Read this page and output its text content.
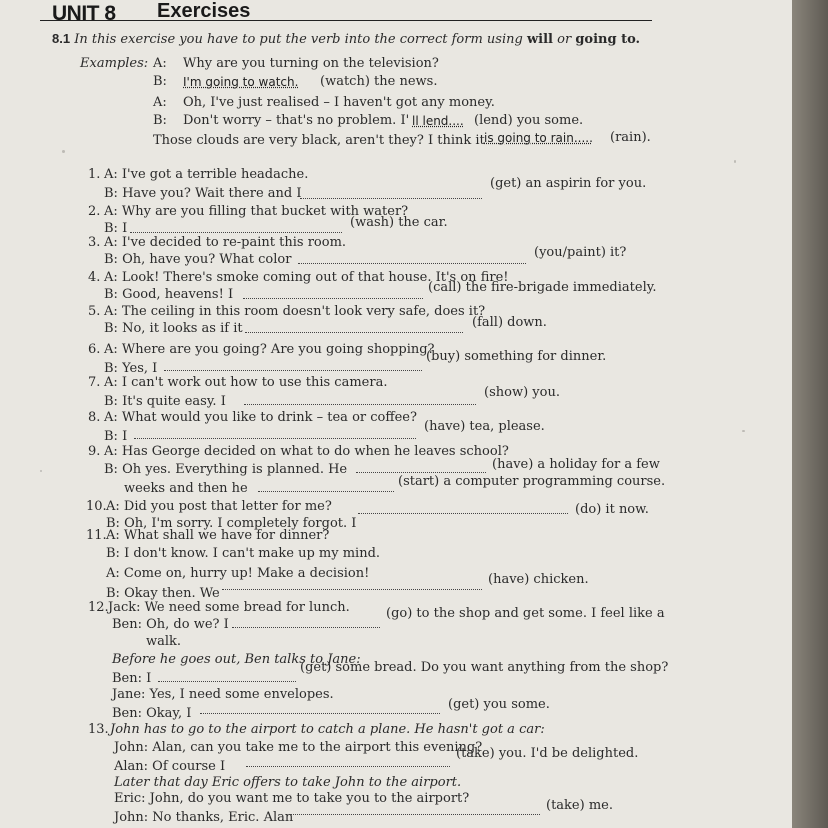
UNIT 8 Exercises
8.1 In this exercise you have to put the verb into the correct form using will or going to.
Examples: A: Why are you turning on the television?
B: I'm going to watch. (watch) the news.
A: Oh, I've just realised – I haven't got any money.
B: Don't worry – that's no problem. I' ll lend.... (lend) you some.
Those clouds are very black, aren't they? I think it is going to rain..... (rain).
1. A: I've got a terrible headache.
B: Have you? Wait there and I
(get) an aspirin for you.
2. A: Why are you filling that bucket with water?
B: I	(wash) the car.
3. A: I've decided to re-paint this room.
B: Oh, have you? What color	(you/paint) it?
4. A: Look! There's smoke coming out of that house. It's on fire!
B: Good, heavens! I	(call) the fire-brigade immediately.
5. A: The ceiling in this room doesn't look very safe, does it?
B: No, it looks as if it	(fall) down.
6. A: Where are you going? Are you going shopping?
B: Yes, I
(buy) something for dinner.
7. A: I can't work out how to use this camera.
B: It's quite easy. I
(show) you.
8. A: What would you like to drink – tea or coffee?
B: I
(have) tea, please.
9. A: Has George decided on what to do when he leaves school?
B: Oh yes. Everything is planned. He	(have) a holiday for a few
weeks and then he	(start) a computer programming course.
10. A: Did you post that letter for me?
B: Oh, I'm sorry. I completely forgot. I
(do) it now.
11. A: What shall we have for dinner?
B: I don't know. I can't make up my mind.
A: Come on, hurry up! Make a decision!
B: Okay then. We
(have) chicken.
12. Jack: We need some bread for lunch.
Ben: Oh, do we? I
(go) to the shop and get some. I feel like a
walk.
Before he goes out, Ben talks to Jane:
Ben: I
(get) some bread. Do you want anything from the shop?
Jane: Yes, I need some envelopes.
Ben: Okay, I
(get) you some.
13. John has to go to the airport to catch a plane. He hasn't got a car:
John: Alan, can you take me to the airport this evening?
Alan: Of course I
(take) you. I'd be delighted.
Later that day Eric offers to take John to the airport.
Eric: John, do you want me to take you to the airport?
John: No thanks, Eric. Alan
(take) me.
